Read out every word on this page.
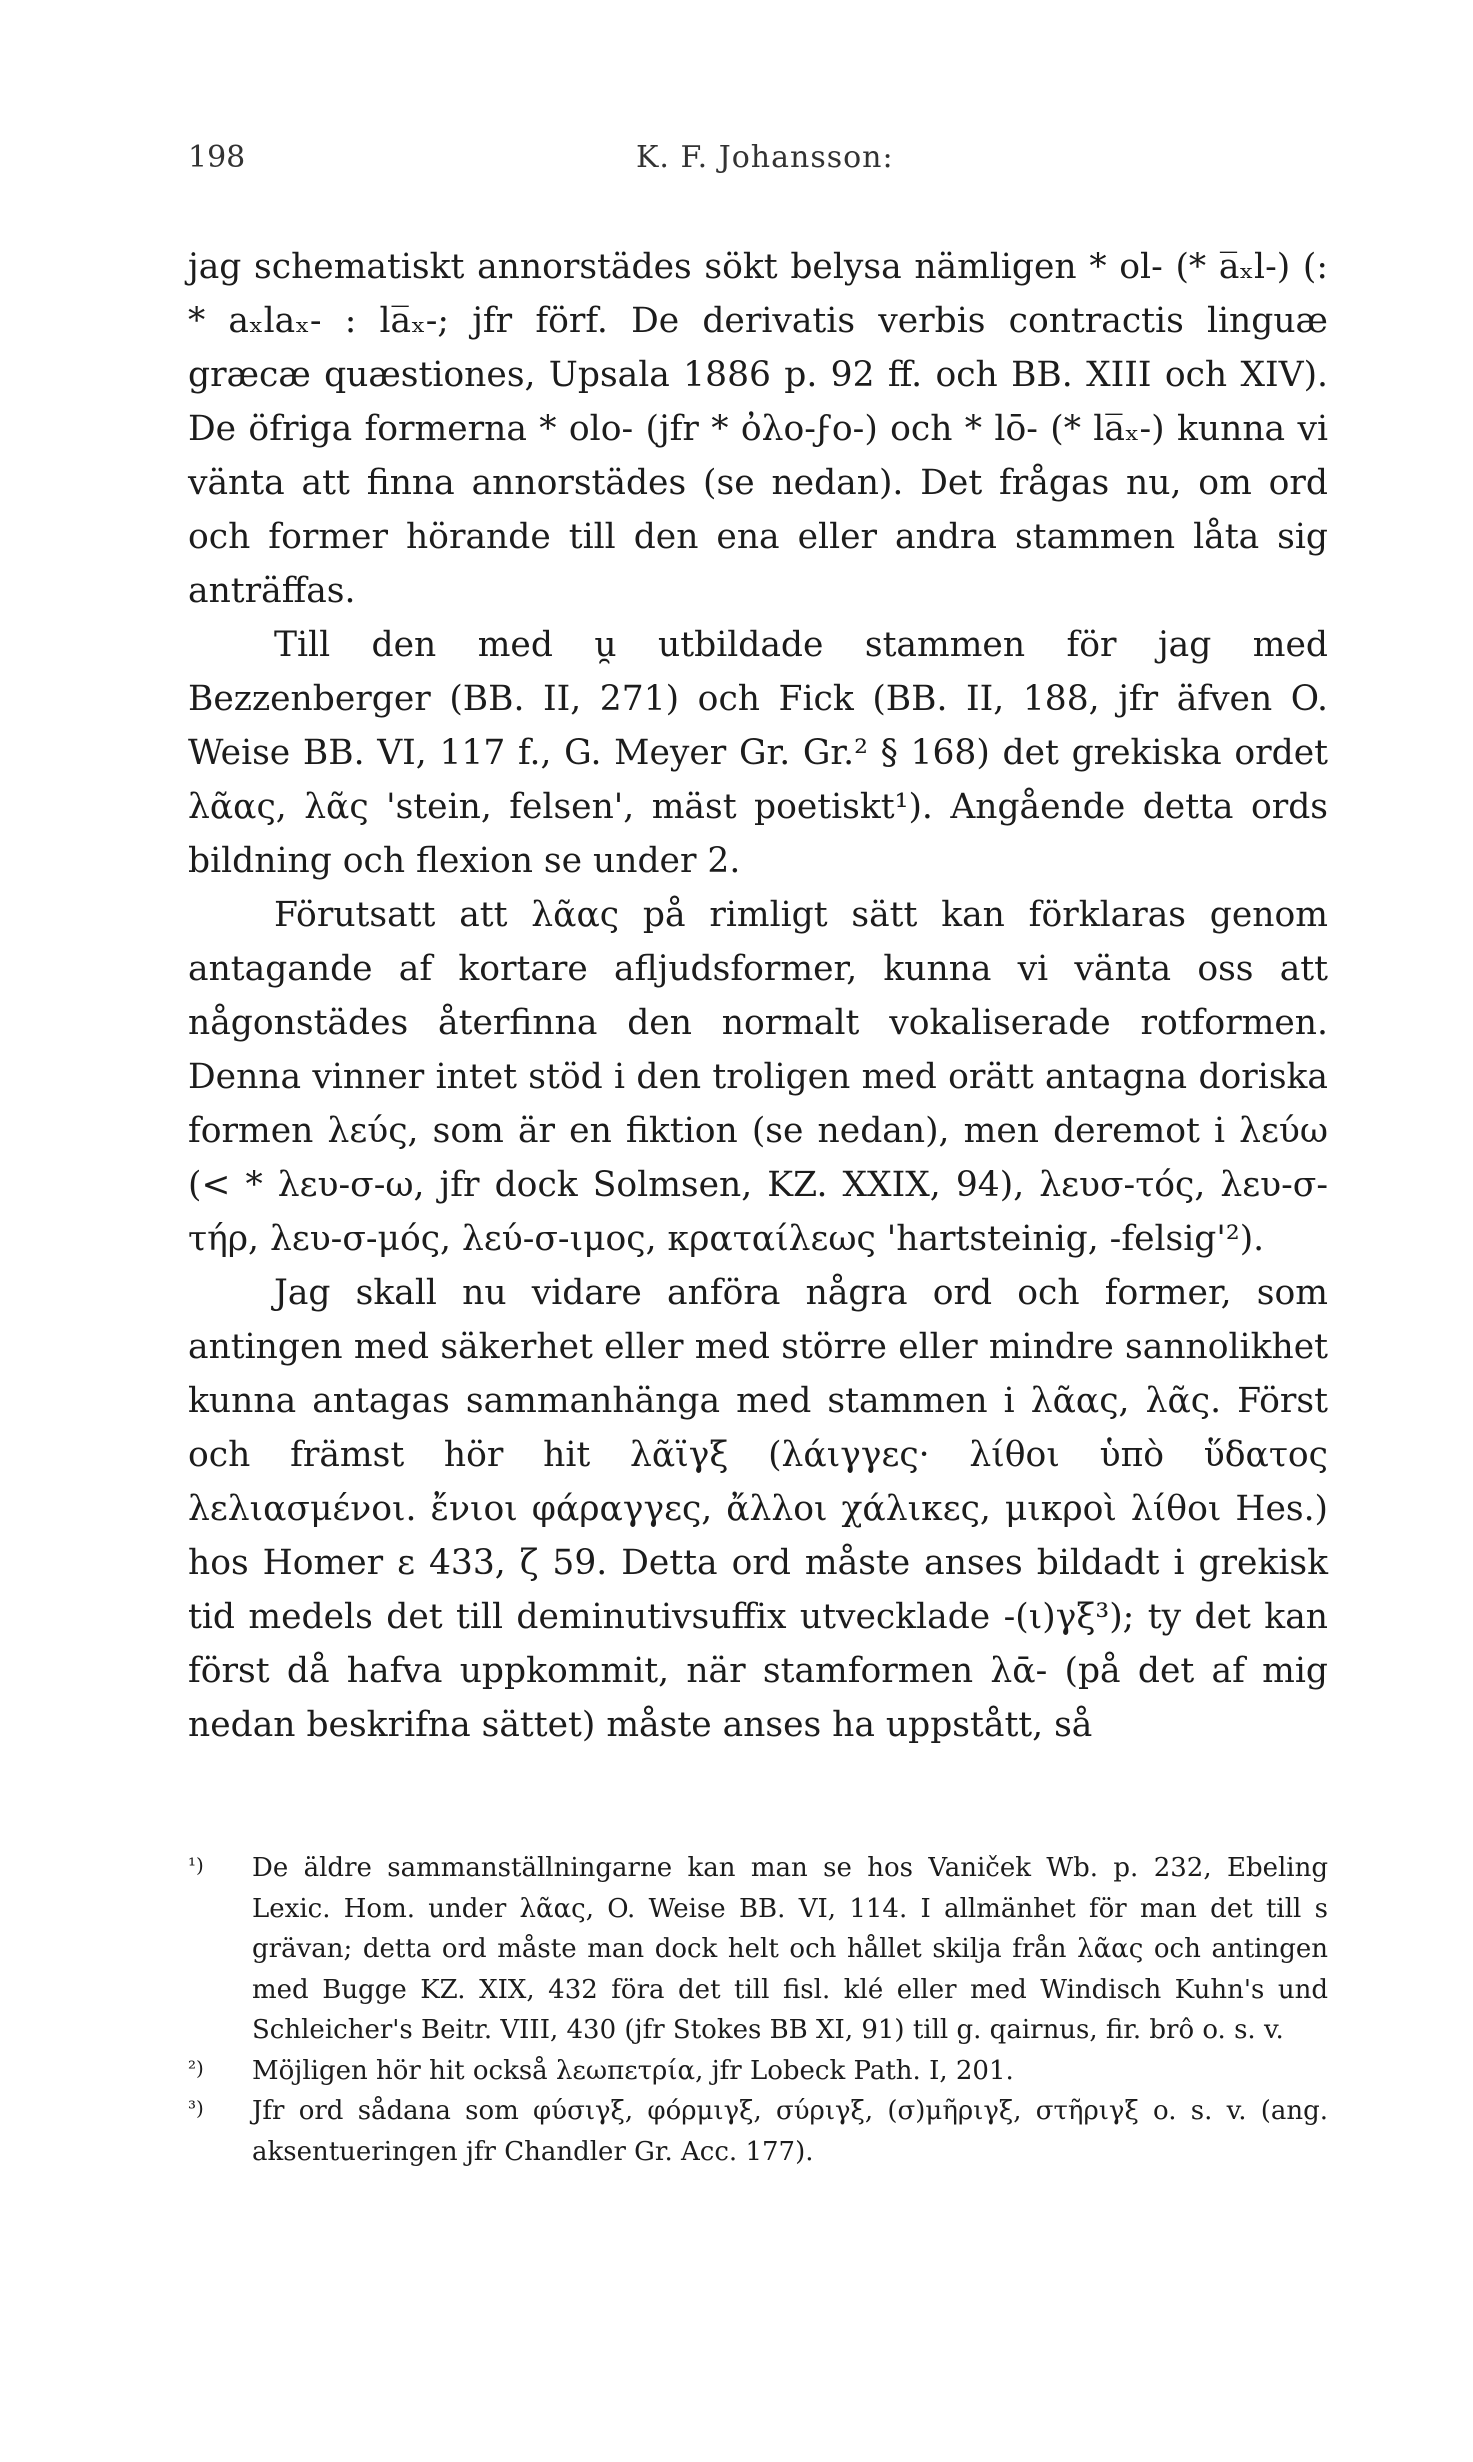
198	K. F. Johansson:

jag schematiskt annorstädes sökt belysa nämligen * ol- (* a̅ₓl-) (: * aₓlaₓ- : la̅ₓ-; jfr förf. De derivatis verbis contractis linguæ græcæ quæstiones, Upsala 1886 p. 92 ff. och BB. XIII och XIV). De öfriga formerna * olo- (jfr * ὀλο-ϝο-) och * lō- (* la̅ₓ-) kunna vi vänta att finna annorstädes (se nedan). Det frågas nu, om ord och former hörande till den ena eller andra stammen låta sig anträffas.

Till den med u̯ utbildade stammen för jag med Bezzenberger (BB. II, 271) och Fick (BB. II, 188, jfr äfven O. Weise BB. VI, 117 f., G. Meyer Gr. Gr.² § 168) det grekiska ordet λᾶας, λᾶς 'stein, felsen', mäst poetiskt¹). Angående detta ords bildning och flexion se under 2.

Förutsatt att λᾶας på rimligt sätt kan förklaras genom antagande af kortare afljudsformer, kunna vi vänta oss att någonstädes återfinna den normalt vokaliserade rotformen. Denna vinner intet stöd i den troligen med orätt antagna doriska formen λεύς, som är en fiktion (se nedan), men deremot i λεύω (< * λευ-σ-ω, jfr dock Solmsen, KZ. XXIX, 94), λευσ-τός, λευ-σ-τήρ, λευ-σ-μός, λεύ-σ-ιμος, κραταίλεως 'hartsteinig, -felsig'²).

Jag skall nu vidare anföra några ord och former, som antingen med säkerhet eller med större eller mindre sannolikhet kunna antagas sammanhänga med stammen i λᾶας, λᾶς. Först och främst hör hit λᾶϊγξ (λάιγγες· λίθοι ὑπὸ ὕδατος λελιασμένοι. ἔνιοι φάραγγες, ἄλλοι χάλικες, μικροὶ λίθοι Hes.) hos Homer ε 433, ζ 59. Detta ord måste anses bildadt i grekisk tid medels det till deminutivsuffix utvecklade -(ι)γξ³); ty det kan först då hafva uppkommit, när stamformen λᾱ- (på det af mig nedan beskrifna sättet) måste anses ha uppstått, så

¹) De äldre sammanställningarne kan man se hos Vaniček Wb. p. 232, Ebeling Lexic. Hom. under λᾶας, O. Weise BB. VI, 114. I allmänhet för man det till s grävan; detta ord måste man dock helt och hållet skilja från λᾶας och antingen med Bugge KZ. XIX, 432 föra det till fisl. klé eller med Windisch Kuhn's und Schleicher's Beitr. VIII, 430 (jfr Stokes BB XI, 91) till g. qairnus, fir. brô o. s. v.

²) Möjligen hör hit också λεωπετρία, jfr Lobeck Path. I, 201.

³) Jfr ord sådana som φύσιγξ, φόρμιγξ, σύριγξ, (σ)μῆριγξ, στῆριγξ o. s. v. (ang. aksentueringen jfr Chandler Gr. Acc. 177).
